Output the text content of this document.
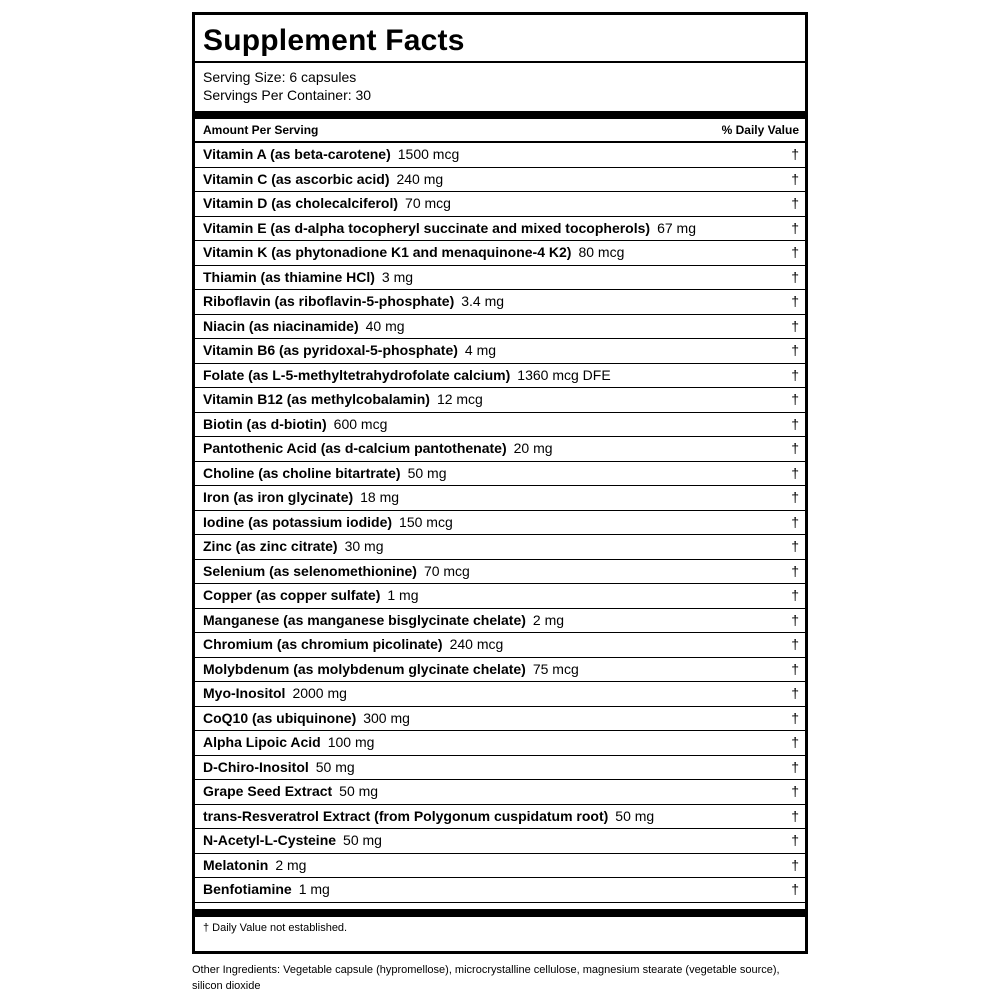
Supplement Facts
Serving Size: 6 capsules
Servings Per Container: 30
Amount Per Serving	% Daily Value
Vitamin A (as beta-carotene) 1500 mcg	†
Vitamin C (as ascorbic acid) 240 mg	†
Vitamin D (as cholecalciferol) 70 mcg	†
Vitamin E (as d-alpha tocopheryl succinate and mixed tocopherols) 67 mg	†
Vitamin K (as phytonadione K1 and menaquinone-4 K2) 80 mcg	†
Thiamin (as thiamine HCl) 3 mg	†
Riboflavin (as riboflavin-5-phosphate) 3.4 mg	†
Niacin (as niacinamide) 40 mg	†
Vitamin B6 (as pyridoxal-5-phosphate) 4 mg	†
Folate (as L-5-methyltetrahydrofolate calcium) 1360 mcg DFE	†
Vitamin B12 (as methylcobalamin) 12 mcg	†
Biotin (as d-biotin) 600 mcg	†
Pantothenic Acid (as d-calcium pantothenate) 20 mg	†
Choline (as choline bitartrate) 50 mg	†
Iron (as iron glycinate) 18 mg	†
Iodine (as potassium iodide) 150 mcg	†
Zinc (as zinc citrate) 30 mg	†
Selenium (as selenomethionine) 70 mcg	†
Copper (as copper sulfate) 1 mg	†
Manganese (as manganese bisglycinate chelate) 2 mg	†
Chromium (as chromium picolinate) 240 mcg	†
Molybdenum (as molybdenum glycinate chelate) 75 mcg	†
Myo-Inositol 2000 mg	†
CoQ10 (as ubiquinone) 300 mg	†
Alpha Lipoic Acid 100 mg	†
D-Chiro-Inositol 50 mg	†
Grape Seed Extract 50 mg	†
trans-Resveratrol Extract (from Polygonum cuspidatum root) 50 mg	†
N-Acetyl-L-Cysteine 50 mg	†
Melatonin 2 mg	†
Benfotiamine 1 mg	†
† Daily Value not established.
Other Ingredients: Vegetable capsule (hypromellose), microcrystalline cellulose, magnesium stearate (vegetable source), silicon dioxide
